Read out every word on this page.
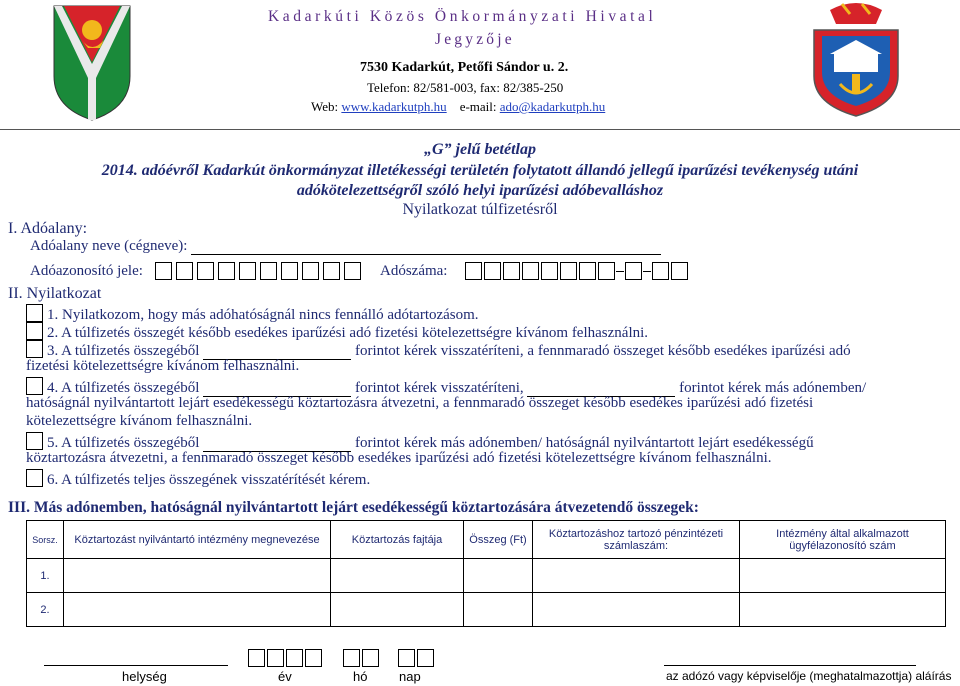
Kadarkúti Közös Önkormányzati Hivatal
Jegyzője
7530 Kadarkút, Petőfi Sándor u. 2.
Telefon: 82/581-003, fax: 82/385-250
Web: www.kadarkutph.hu e-mail: ado@kadarkutph.hu
„G” jelű betétlap
2014. adóévről Kadarkút önkormányzat illetékességi területén folytatott állandó jellegű iparűzési tevékenység utáni
adókötelezettségről szóló helyi iparűzési adóbevalláshoz
Nyilatkozat túlfizetésről
I. Adóalany:
Adóalany neve (cégneve):
Adóazonosító jele:	Adószáma:
II. Nyilatkozat
1. Nyilatkozom, hogy más adóhatóságnál nincs fennálló adótartozásom.
2. A túlfizetés összegét később esedékes iparűzési adó fizetési kötelezettségre kívánom felhasználni.
3. A túlfizetés összegéből	forintot kérek visszatéríteni, a fennmaradó összeget később esedékes iparűzési adó
fizetési kötelezettségre kívánom felhasználni.
4. A túlfizetés összegéből	forintot kérek visszatéríteni,	forintot kérek más adónemben/
hatóságnál nyilvántartott lejárt esedékességű köztartozásra átvezetni, a fennmaradó összeget később esedékes iparűzési adó fizetési
kötelezettségre kívánom felhasználni.
5. A túlfizetés összegéből	forintot kérek más adónemben/ hatóságnál nyilvántartott lejárt esedékességű
köztartozásra átvezetni, a fennmaradó összeget később esedékes iparűzési adó fizetési kötelezettségre kívánom felhasználni.
6. A túlfizetés teljes összegének visszatérítését kérem.
III. Más adónemben, hatóságnál nyilvántartott lejárt esedékességű köztartozására átvezetendő összegek:
Sorsz.	Köztartozást nyilvántartó intézmény megnevezése	Köztartozás fajtája	Összeg (Ft)	Köztartozáshoz tartozó pénzintézeti számlaszám:	Intézmény által alkalmazott ügyfélazonosító szám
1.					
2.					
helység	év	hó nap	az adózó vagy képviselője (meghatalmazottja) aláírás
